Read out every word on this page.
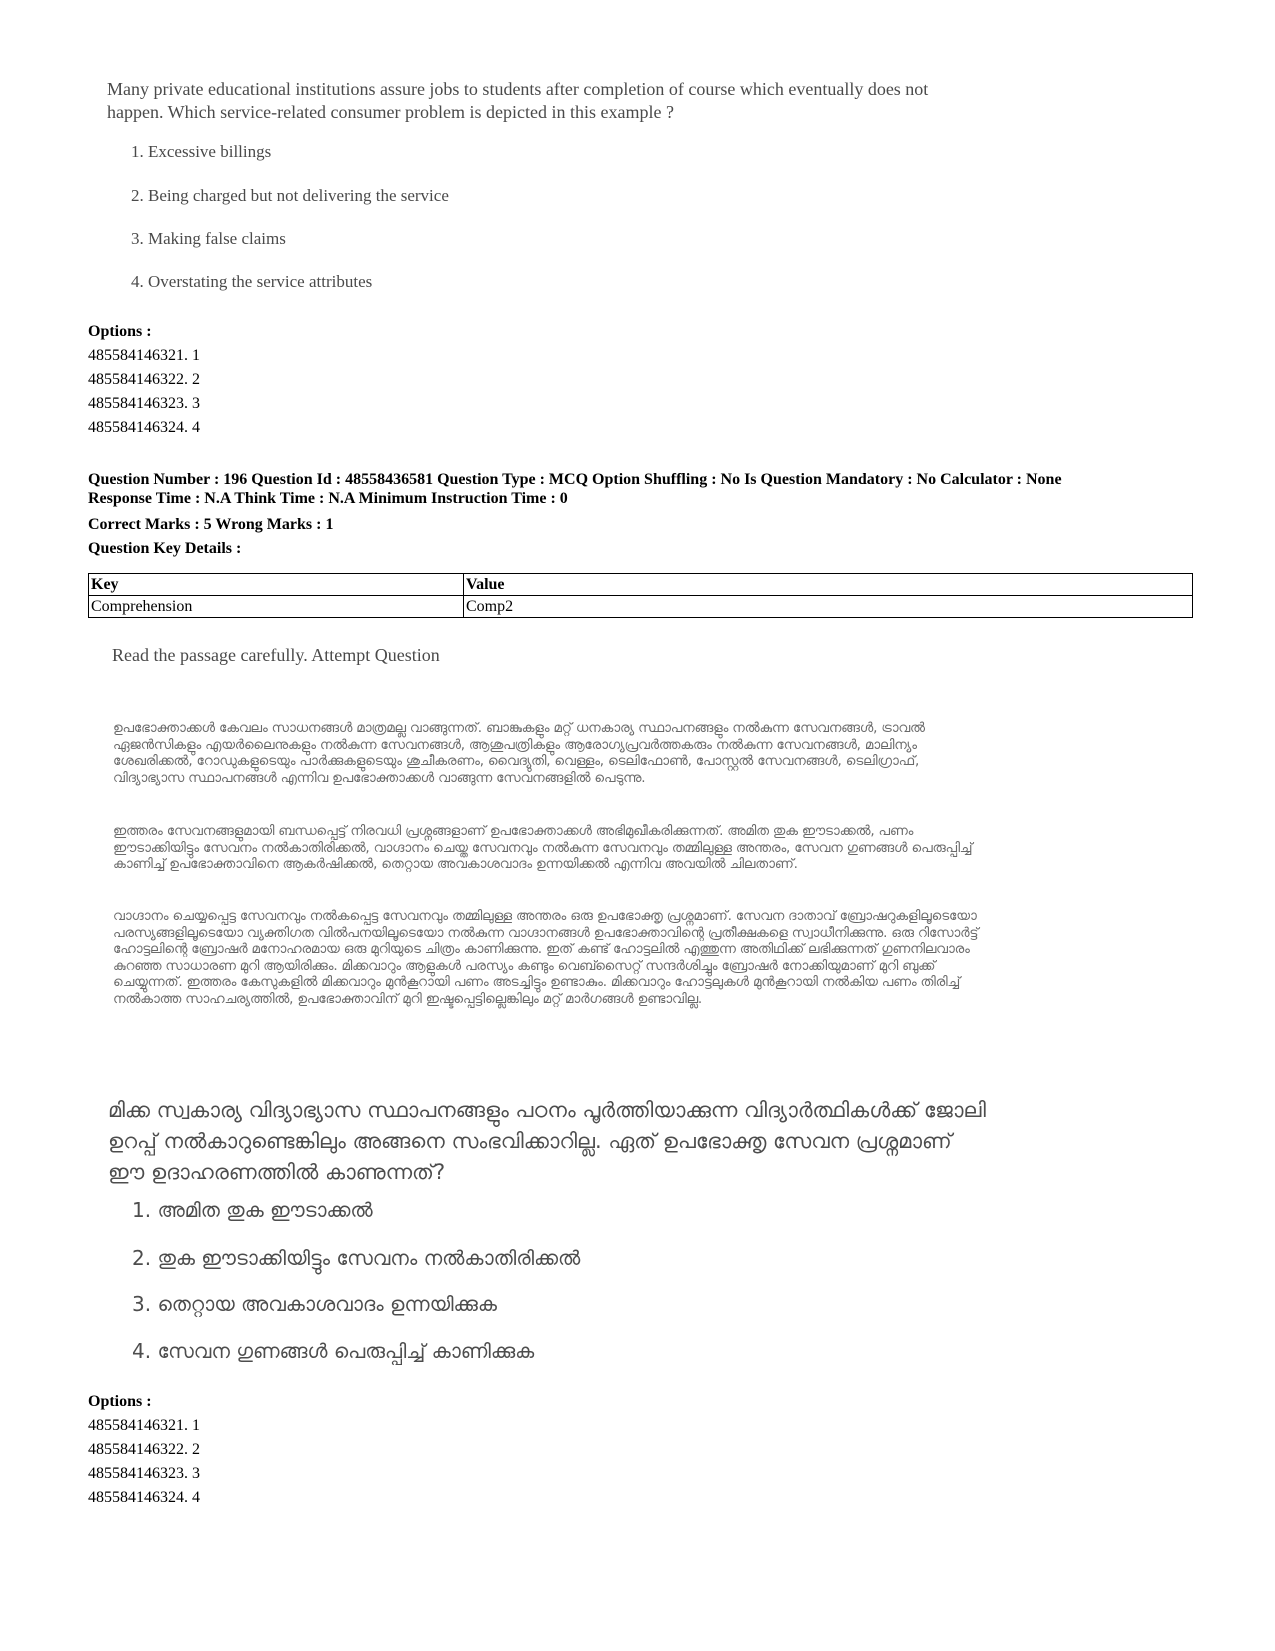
Many private educational institutions assure jobs to students after completion of course which eventually does not happen. Which service-related consumer problem is depicted in this example ?
1. Excessive billings
2. Being charged but not delivering the service
3. Making false claims
4. Overstating the service attributes
Options :
485584146321. 1
485584146322. 2
485584146323. 3
485584146324. 4
Question Number : 196 Question Id : 48558436581 Question Type : MCQ Option Shuffling : No Is Question Mandatory : No Calculator : None
Response Time : N.A Think Time : N.A Minimum Instruction Time : 0
Correct Marks : 5 Wrong Marks : 1
Question Key Details :
Key	Value
Comprehension	Comp2
Read the passage carefully. Attempt Question
ഉപഭോക്താക്കൾ കേവലം സാധനങ്ങൾ മാത്രമല്ല വാങ്ങുന്നത്. ബാങ്കുകളും മറ്റ് ധനകാര്യ സ്ഥാപനങ്ങളും നൽകുന്ന സേവനങ്ങൾ, ട്രാവൽ ഏജൻസികളും എയർലൈനുകളും നൽകുന്ന സേവനങ്ങൾ, ആശുപത്രികളും ആരോഗ്യപ്രവർത്തകരും നൽകുന്ന സേവനങ്ങൾ, മാലിന്യം ശേഖരിക്കൽ, റോഡുകളുടെയും പാർക്കുകളുടെയും ശുചീകരണം, വൈദ്യുതി, വെള്ളം, ടെലിഫോൺ, പോസ്റ്റൽ സേവനങ്ങൾ, ടെലിഗ്രാഫ്, വിദ്യാഭ്യാസ സ്ഥാപനങ്ങൾ എന്നിവ ഉപഭോക്താക്കൾ വാങ്ങുന്ന സേവനങ്ങളിൽ പെടുന്നു.
ഇത്തരം സേവനങ്ങളുമായി ബന്ധപ്പെട്ട് നിരവധി പ്രശ്നങ്ങളാണ് ഉപഭോക്താക്കൾ അഭിമുഖീകരിക്കുന്നത്. അമിത തുക ഈടാക്കൽ, പണം ഈടാക്കിയിട്ടും സേവനം നൽകാതിരിക്കൽ, വാഗ്ദാനം ചെയ്ത സേവനവും നൽകുന്ന സേവനവും തമ്മിലുള്ള അന്തരം, സേവന ഗുണങ്ങൾ പെരുപ്പിച്ച് കാണിച്ച് ഉപഭോക്താവിനെ ആകർഷിക്കൽ, തെറ്റായ അവകാശവാദം ഉന്നയിക്കൽ എന്നിവ അവയിൽ ചിലതാണ്.
വാഗ്ദാനം ചെയ്യപ്പെട്ട സേവനവും നൽകപ്പെട്ട സേവനവും തമ്മിലുള്ള അന്തരം ഒരു ഉപഭോക്തൃ പ്രശ്നമാണ്. സേവന ദാതാവ് ബ്രോഷറുകളിലൂടെയോ പരസ്യങ്ങളിലൂടെയോ വ്യക്തിഗത വിൽപനയിലൂടെയോ നൽകുന്ന വാഗ്ദാനങ്ങൾ ഉപഭോക്താവിന്റെ പ്രതീക്ഷകളെ സ്വാധീനിക്കുന്നു. ഒരു റിസോർട്ട് ഹോട്ടലിന്റെ ബ്രോഷർ മനോഹരമായ ഒരു മുറിയുടെ ചിത്രം കാണിക്കുന്നു. ഇത് കണ്ട് ഹോട്ടലിൽ എത്തുന്ന അതിഥിക്ക് ലഭിക്കുന്നത് ഗുണനിലവാരം കുറഞ്ഞ സാധാരണ മുറി ആയിരിക്കും. മിക്കവാറും ആളുകൾ പരസ്യം കണ്ടും വെബ്സൈറ്റ് സന്ദർശിച്ചും ബ്രോഷർ നോക്കിയുമാണ് മുറി ബുക്ക് ചെയ്യുന്നത്. ഇത്തരം കേസുകളിൽ മിക്കവാറും മുൻകൂറായി പണം അടച്ചിട്ടും ഉണ്ടാകും. മിക്കവാറും ഹോട്ടലുകൾ മുൻകൂറായി നൽകിയ പണം തിരിച്ച് നൽകാത്ത സാഹചര്യത്തിൽ, ഉപഭോക്താവിന് മുറി ഇഷ്ടപ്പെട്ടില്ലെങ്കിലും മറ്റ് മാർഗങ്ങൾ ഉണ്ടാവില്ല.
മിക്ക സ്വകാര്യ വിദ്യാഭ്യാസ സ്ഥാപനങ്ങളും പഠനം പൂർത്തിയാക്കുന്ന വിദ്യാർത്ഥികൾക്ക് ജോലി ഉറപ്പ് നൽകാറുണ്ടെങ്കിലും അങ്ങനെ സംഭവിക്കാറില്ല. ഏത് ഉപഭോക്തൃ സേവന പ്രശ്നമാണ് ഈ ഉദാഹരണത്തിൽ കാണുന്നത്?
1. അമിത തുക ഈടാക്കൽ
2. തുക ഈടാക്കിയിട്ടും സേവനം നൽകാതിരിക്കൽ
3. തെറ്റായ അവകാശവാദം ഉന്നയിക്കുക
4. സേവന ഗുണങ്ങൾ പെരുപ്പിച്ച് കാണിക്കുക
Options :
485584146321. 1
485584146322. 2
485584146323. 3
485584146324. 4
